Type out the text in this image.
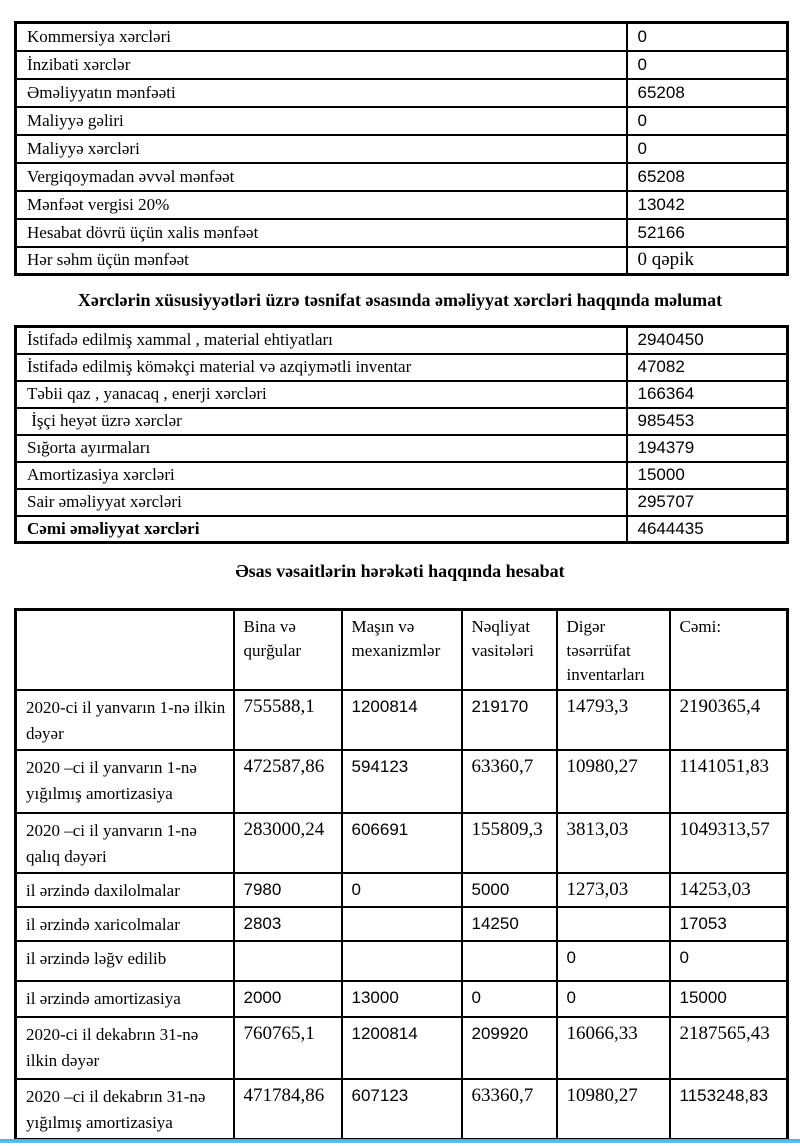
Kommersiya xərcləri	0
İnzibati xərclər	0
Əməliyyatın mənfəəti	65208
Maliyyə gəliri	0
Maliyyə xərcləri	0
Vergiqoymadan əvvəl mənfəət	65208
Mənfəət vergisi 20%	13042
Hesabat dövrü üçün xalis mənfəət	52166
Hər səhm üçün mənfəət	0 qəpik
Xərclərin xüsusiyyətləri üzrə təsnifat əsasında əməliyyat xərcləri haqqında məlumat
İstifadə edilmiş xammal , material ehtiyatları	2940450
İstifadə edilmiş köməkçi material və azqiymətli inventar	47082
Təbii qaz , yanacaq , enerji xərcləri	166364
İşçi heyət üzrə xərclər	985453
Sığorta ayırmaları	194379
Amortizasiya xərcləri	15000
Sair əməliyyat xərcləri	295707
Cəmi əməliyyat xərcləri	4644435
Əsas vəsaitlərin hərəkəti haqqında hesabat
	Bina və qurğular	Maşın və mexanizmlər	Nəqliyat vasitələri	Digər təsərrüfat inventarları	Cəmi:
2020-ci il yanvarın 1-nə ilkin dəyər	755588,1	1200814	219170	14793,3	2190365,4
2020 –ci il yanvarın 1-nə yığılmış amortizasiya	472587,86	594123	63360,7	10980,27	1141051,83
2020 –ci il yanvarın 1-nə qalıq dəyəri	283000,24	606691	155809,3	3813,03	1049313,57
il ərzində daxilolmalar	7980	0	5000	1273,03	14253,03
il ərzində xaricolmalar	2803		14250		17053
il ərzində ləğv edilib				0	0
il ərzində amortizasiya	2000	13000	0	0	15000
2020-ci il dekabrın 31-nə ilkin dəyər	760765,1	1200814	209920	16066,33	2187565,43
2020 –ci il dekabrın 31-nə yığılmış amortizasiya	471784,86	607123	63360,7	10980,27	1153248,83
